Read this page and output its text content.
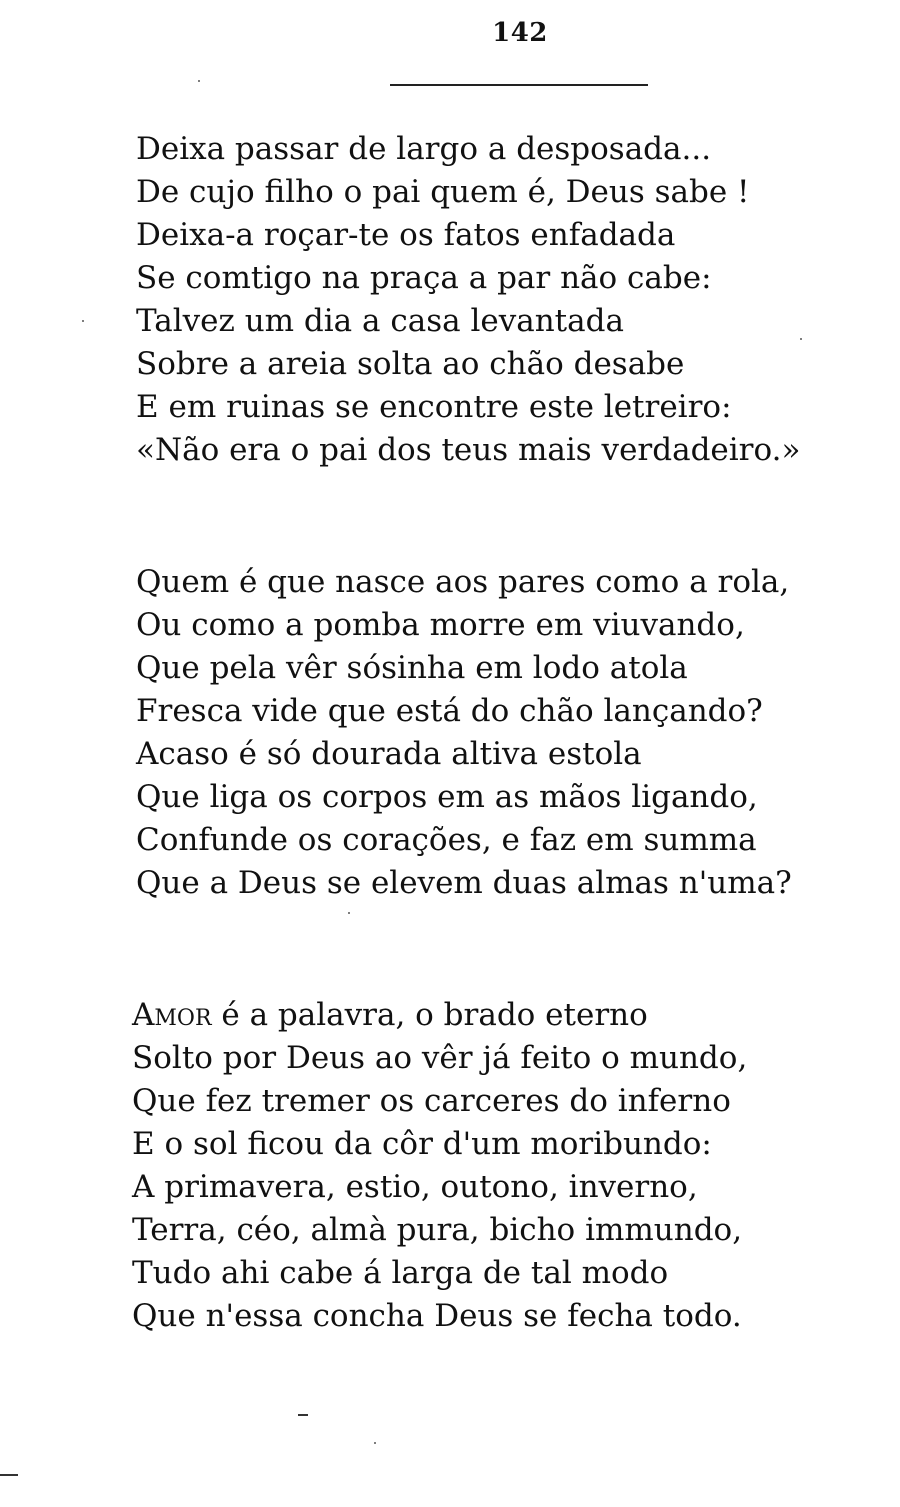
142
Deixa passar de largo a desposada...
De cujo filho o pai quem é, Deus sabe !
Deixa-a roçar-te os fatos enfadada
Se comtigo na praça a par não cabe:
Talvez um dia a casa levantada
Sobre a areia solta ao chão desabe
E em ruinas se encontre este letreiro:
«Não era o pai dos teus mais verdadeiro.»
Quem é que nasce aos pares como a rola,
Ou como a pomba morre em viuvando,
Que pela vêr sósinha em lodo atola
Fresca vide que está do chão lançando?
Acaso é só dourada altiva estola
Que liga os corpos em as mãos ligando,
Confunde os corações, e faz em summa
Que a Deus se elevem duas almas n'uma?
Amor é a palavra, o brado eterno
Solto por Deus ao vêr já feito o mundo,
Que fez tremer os carceres do inferno
E o sol ficou da côr d'um moribundo:
A primavera, estio, outono, inverno,
Terra, céo, almà pura, bicho immundo,
Tudo ahi cabe á larga de tal modo
Que n'essa concha Deus se fecha todo.
